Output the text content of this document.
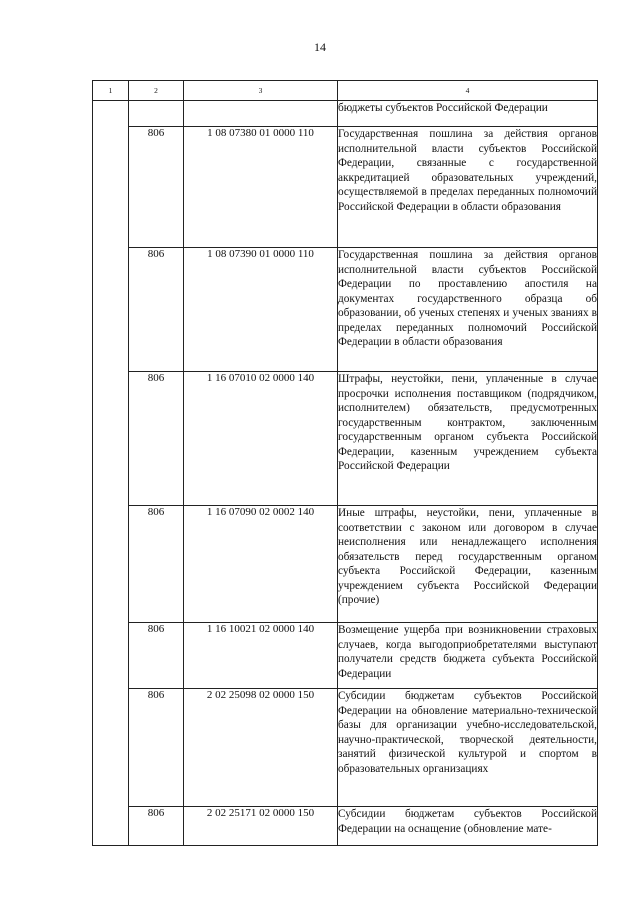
14
1	2	3	4
			бюджеты субъектов Российской Федерации
	806	1 08 07380 01 0000 110	Государственная пошлина за действия органов исполнительной власти субъектов Российской Федерации, связанные с государственной аккредитацией образовательных учреждений, осуществляемой в пределах переданных полномочий Российской Федерации в области образования
	806	1 08 07390 01 0000 110	Государственная пошлина за действия органов исполнительной власти субъектов Российской Федерации по проставлению апостиля на документах государственного образца об образовании, об ученых степенях и ученых званиях в пределах переданных полномочий Российской Федерации в области образования
	806	1 16 07010 02 0000 140	Штрафы, неустойки, пени, уплаченные в случае просрочки исполнения поставщиком (подрядчиком, исполнителем) обязательств, предусмотренных государственным контрактом, заключенным государственным органом субъекта Российской Федерации, казенным учреждением субъекта Российской Федерации
	806	1 16 07090 02 0002 140	Иные штрафы, неустойки, пени, уплаченные в соответствии с законом или договором в случае неисполнения или ненадлежащего исполнения обязательств перед государственным органом субъекта Российской Федерации, казенным учреждением субъекта Российской Федерации (прочие)
	806	1 16 10021 02 0000 140	Возмещение ущерба при возникновении страховых случаев, когда выгодоприобретателями выступают получатели средств бюджета субъекта Российской Федерации
	806	2 02 25098 02 0000 150	Субсидии бюджетам субъектов Российской Федерации на обновление материально-технической базы для организации учебно-исследовательской, научно-практической, творческой деятельности, занятий физической культурой и спортом в образовательных организациях
	806	2 02 25171 02 0000 150	Субсидии бюджетам субъектов Российской Федерации на оснащение (обновление мате-
